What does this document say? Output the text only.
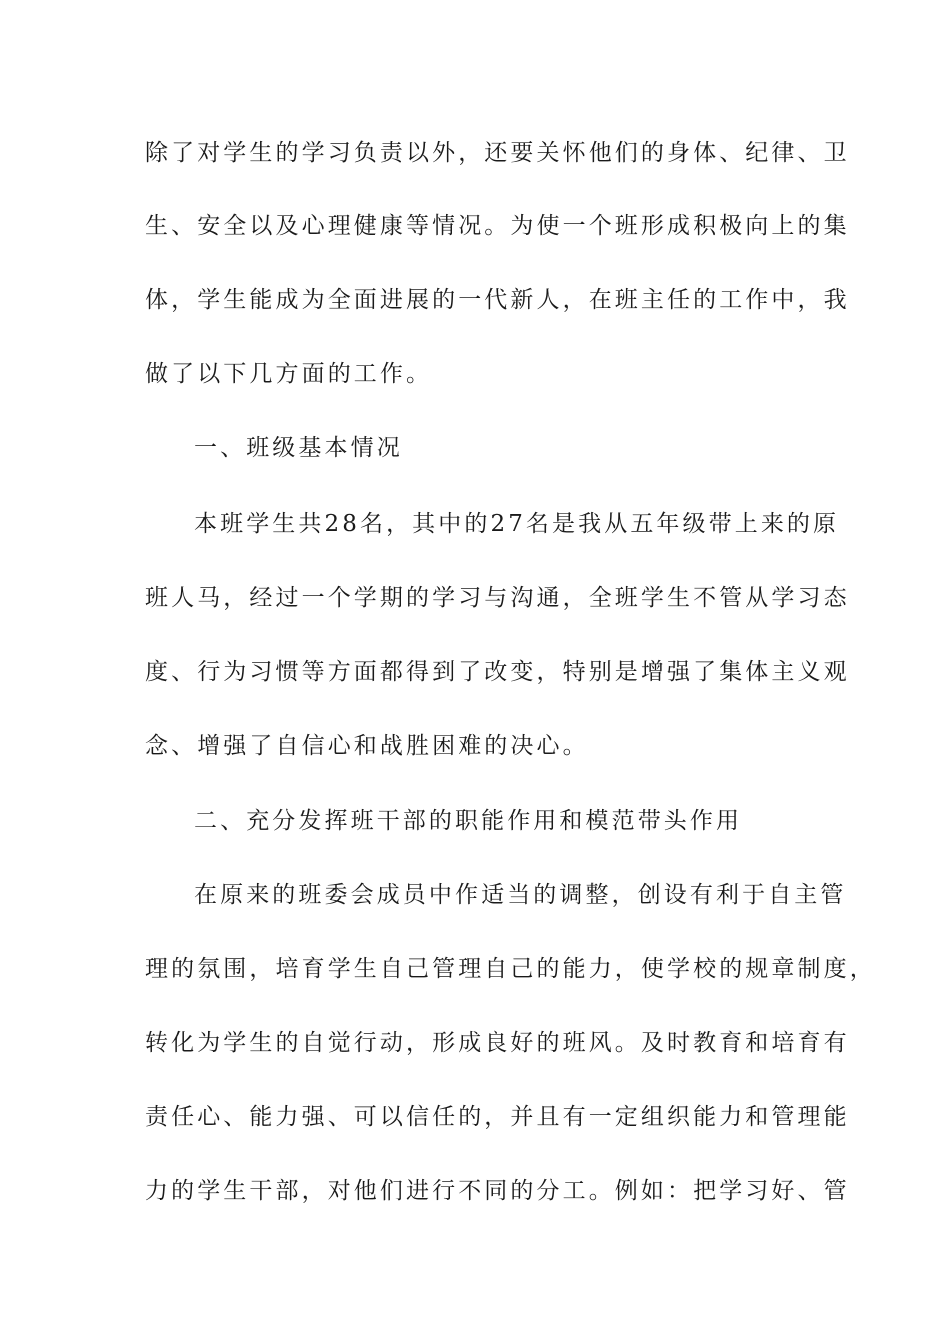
除了对学生的学习负责以外，还要关怀他们的身体、纪律、卫
生、安全以及心理健康等情况。为使一个班形成积极向上的集
体，学生能成为全面进展的一代新人，在班主任的工作中，我
做了以下几方面的工作。
一、班级基本情况
本班学生共28名，其中的27名是我从五年级带上来的原
班人马，经过一个学期的学习与沟通，全班学生不管从学习态
度、行为习惯等方面都得到了改变，特别是增强了集体主义观
念、增强了自信心和战胜困难的决心。
二、充分发挥班干部的职能作用和模范带头作用
在原来的班委会成员中作适当的调整，创设有利于自主管
理的氛围，培育学生自己管理自己的能力，使学校的规章制度，
转化为学生的自觉行动，形成良好的班风。及时教育和培育有
责任心、能力强、可以信任的，并且有一定组织能力和管理能
力的学生干部，对他们进行不同的分工。例如：把学习好、管
